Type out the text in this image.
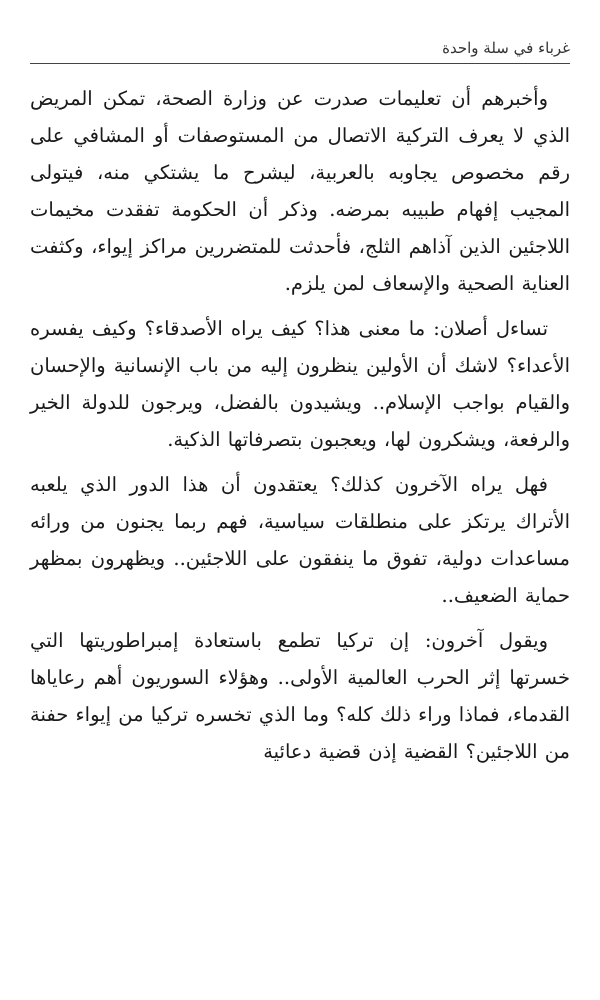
غرباء في سلة واحدة

وأخبرهم أن تعليمات صدرت عن وزارة الصحة، تمكن المريض الذي لا يعرف التركية الاتصال من المستوصفات أو المشافي على رقم مخصوص يجاوبه بالعربية، ليشرح ما يشتكي منه، فيتولى المجيب إفهام طبيبه بمرضه. وذكر أن الحكومة تفقدت مخيمات اللاجئين الذين آذاهم الثلج، فأحدثت للمتضررين مراكز إيواء، وكثفت العناية الصحية والإسعاف لمن يلزم.

تساءل أصلان: ما معنى هذا؟ كيف يراه الأصدقاء؟ وكيف يفسره الأعداء؟ لاشك أن الأولين ينظرون إليه من باب الإنسانية والإحسان والقيام بواجب الإسلام.. ويشيدون بالفضل، ويرجون للدولة الخير والرفعة، ويشكرون لها، ويعجبون بتصرفاتها الذكية.

فهل يراه الآخرون كذلك؟ يعتقدون أن هذا الدور الذي يلعبه الأتراك يرتكز على منطلقات سياسية، فهم ربما يجنون من ورائه مساعدات دولية، تفوق ما ينفقون على اللاجئين.. ويظهرون بمظهر حماية الضعيف..

ويقول آخرون: إن تركيا تطمع باستعادة إمبراطوريتها التي خسرتها إثر الحرب العالمية الأولى.. وهؤلاء السوريون أهم رعاياها القدماء، فماذا وراء ذلك كله؟ وما الذي تخسره تركيا من إيواء حفنة من اللاجئين؟ القضية إذن قضية دعائية
